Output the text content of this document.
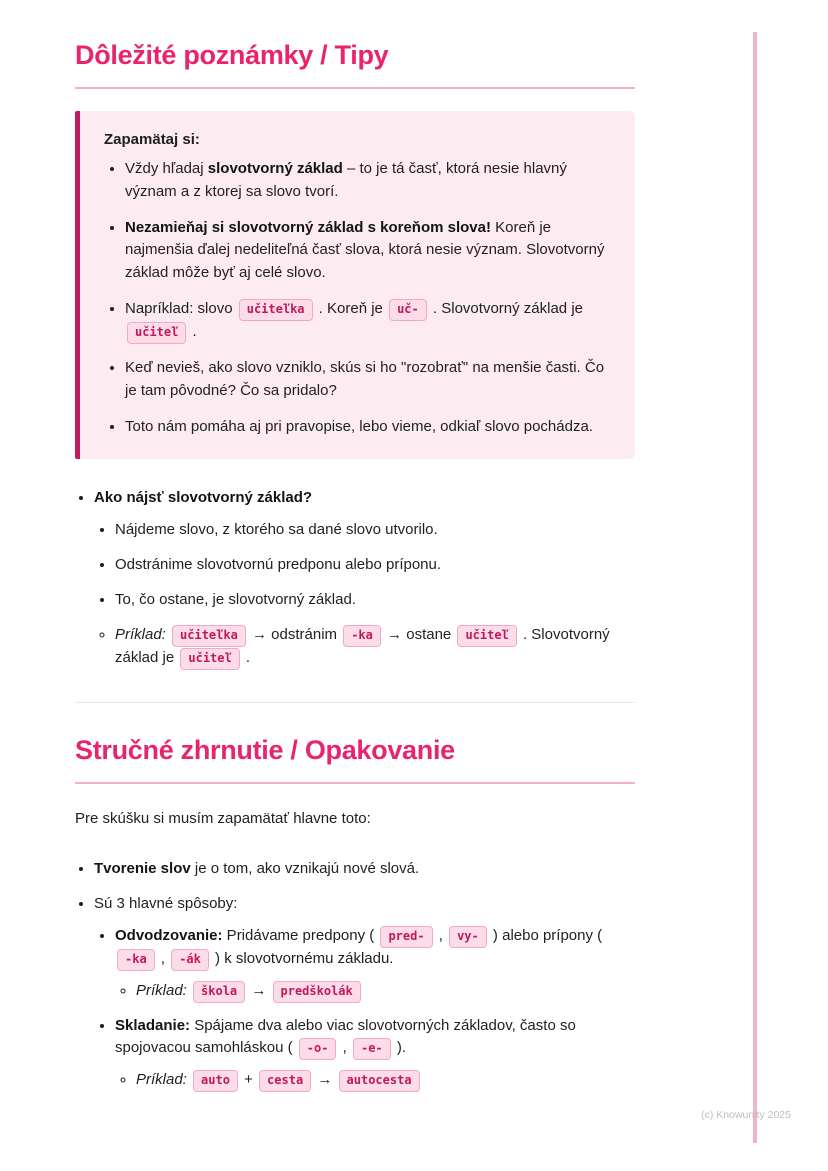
Dôležité poznámky / Tipy

Zapamätaj si:

• Vždy hľadaj slovotvorný základ – to je tá časť, ktorá nesie hlavný význam a z ktorej sa slovo tvorí.
• Nezamieňaj si slovotvorný základ s koreňom slova! Koreň je najmenšia ďalej nedeliteľná časť slova, ktorá nesie význam. Slovotvorný základ môže byť aj celé slovo.
• Napríklad: slovo učiteľka . Koreň je uč- . Slovotvorný základ je učiteľ .
• Keď nevieš, ako slovo vzniklo, skús si ho "rozobrať" na menšie časti. Čo je tam pôvodné? Čo sa pridalo?
• Toto nám pomáha aj pri pravopise, lebo vieme, odkiaľ slovo pochádza.
• Ako nájsť slovotvorný základ?
• Nájdeme slovo, z ktorého sa dané slovo utvorilo.
• Odstránime slovotvornú predponu alebo príponu.
• To, čo ostane, je slovotvorný základ.
◦ Príklad: učiteľka → odstránim -ka → ostane učiteľ . Slovotvorný základ je učiteľ .
Stručné zhrnutie / Opakovanie

Pre skúšku si musím zapamätať hlavne toto:

• Tvorenie slov je o tom, ako vznikajú nové slová.
• Sú 3 hlavné spôsoby:
• Odvodzovanie: Pridávame predpony ( pred- , vy- ) alebo prípony ( -ka , -ák ) k slovotvornému základu.
◦ Príklad: škola → predškolák
• Skladanie: Spájame dva alebo viac slovotvorných základov, často so spojovacou samohláskou ( -o- , -e- ).
◦ Príklad: auto + cesta → autocesta
(c) Knowunity 2025
